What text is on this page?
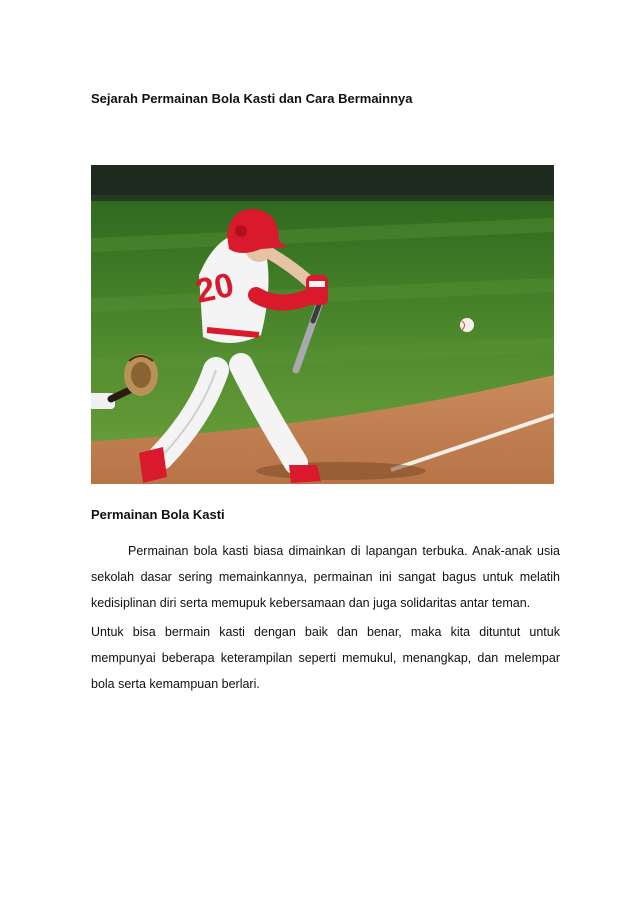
Sejarah Permainan Bola Kasti dan Cara Bermainnya
20
Permainan Bola Kasti

Permainan bola kasti biasa dimainkan di lapangan terbuka. Anak-anak usia sekolah dasar sering memainkannya, permainan ini sangat bagus untuk melatih kedisiplinan diri serta memupuk kebersamaan dan juga solidaritas antar teman.

Untuk bisa bermain kasti dengan baik dan benar, maka kita dituntut untuk mempunyai beberapa keterampilan seperti memukul, menangkap, dan melempar bola serta kemampuan berlari.
